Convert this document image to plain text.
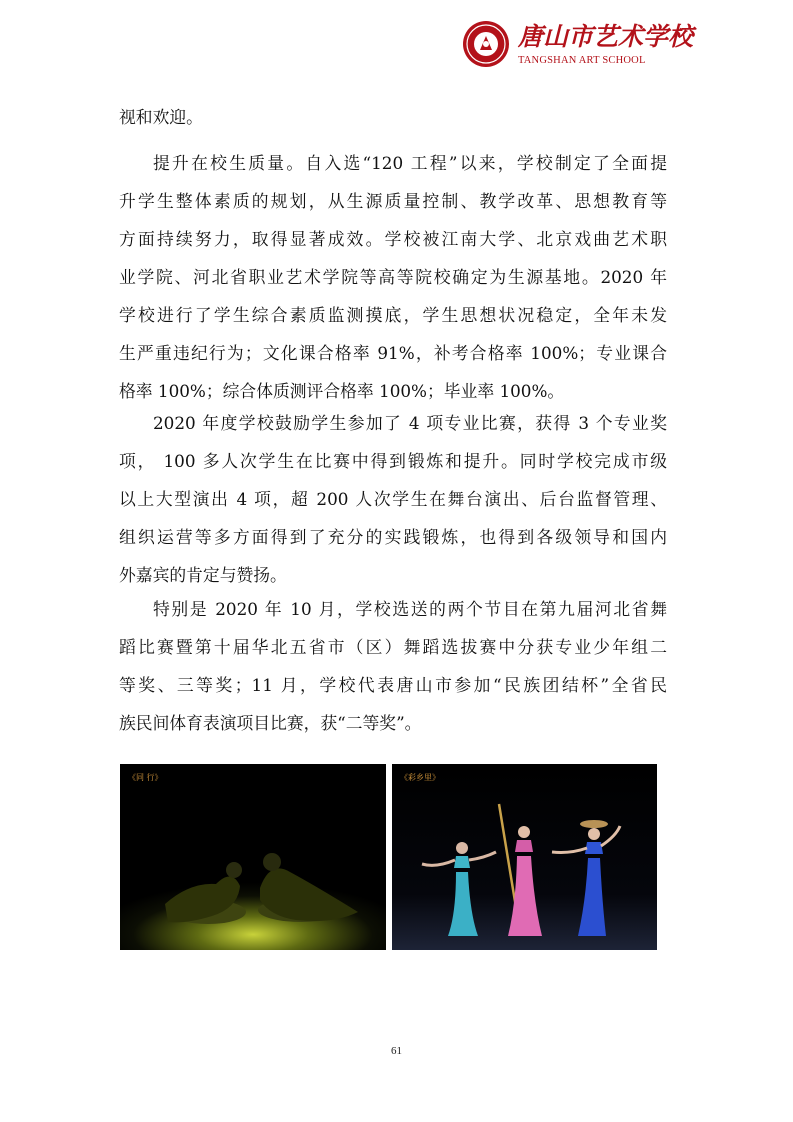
唐山市艺术学校
TANGSHAN ART SCHOOL
视和欢迎。
提升在校生质量。自入选“120 工程”以来，学校制定了全面提
升学生整体素质的规划，从生源质量控制、教学改革、思想教育等
方面持续努力，取得显著成效。学校被江南大学、北京戏曲艺术职
业学院、河北省职业艺术学院等高等院校确定为生源基地。2020 年
学校进行了学生综合素质监测摸底，学生思想状况稳定，全年未发
生严重违纪行为；文化课合格率 91%，补考合格率 100%；专业课合
格率 100%；综合体质测评合格率 100%；毕业率 100%。
2020 年度学校鼓励学生参加了 4 项专业比赛，获得 3 个专业奖
项， 100 多人次学生在比赛中得到锻炼和提升。同时学校完成市级
以上大型演出 4 项，超 200 人次学生在舞台演出、后台监督管理、
组织运营等多方面得到了充分的实践锻炼，也得到各级领导和国内
外嘉宾的肯定与赞扬。
特别是 2020 年 10 月，学校选送的两个节目在第九届河北省舞
蹈比赛暨第十届华北五省市（区）舞蹈选拔赛中分获专业少年组二
等奖、三等奖；11 月，学校代表唐山市参加“民族团结杯”全省民
族民间体育表演项目比赛，获“二等奖”。
《同 行》	《彩乡里》
61
